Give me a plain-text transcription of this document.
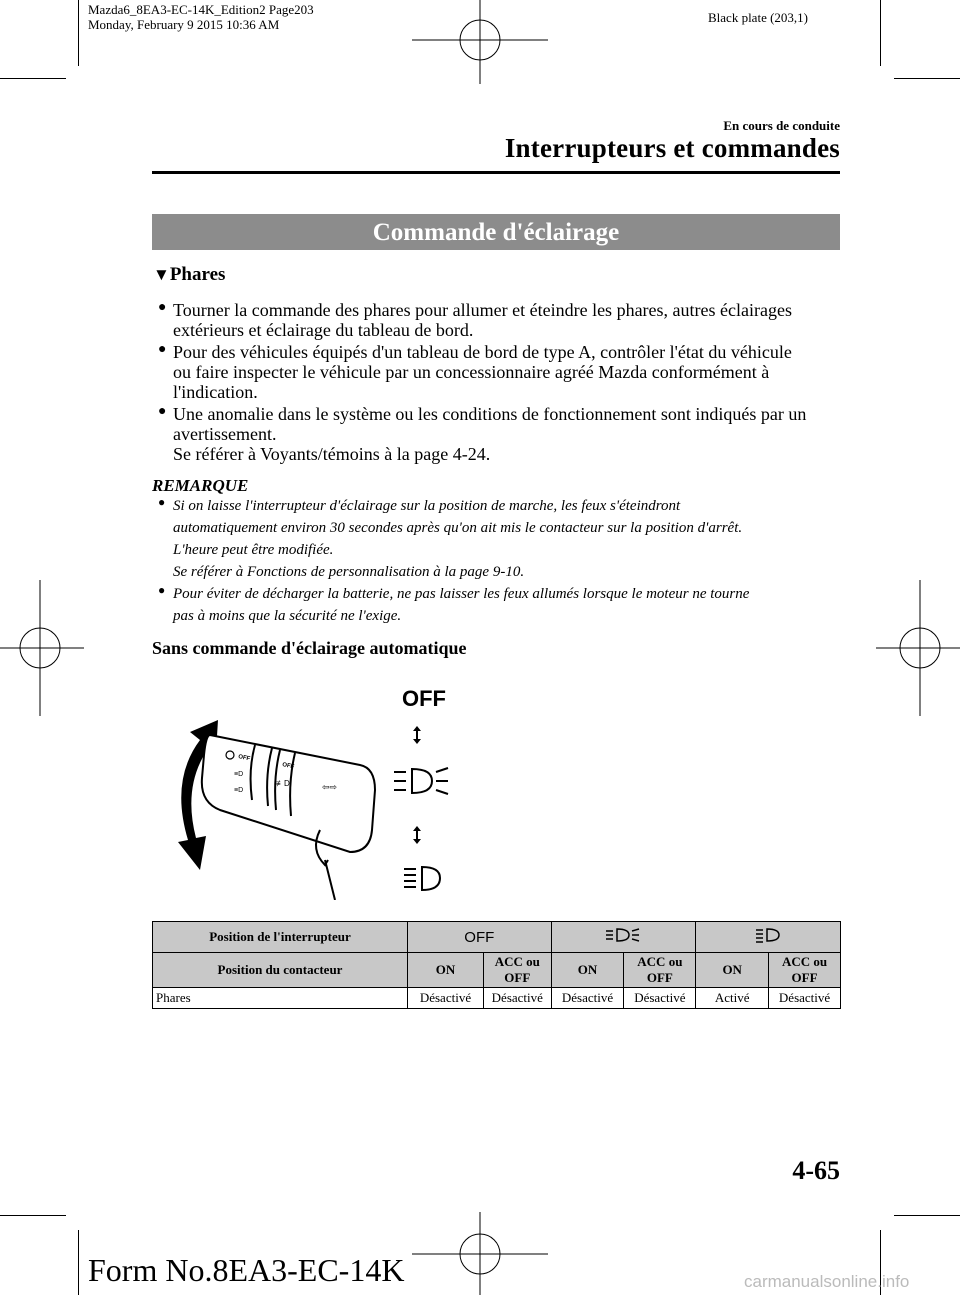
Mazda6_8EA3-EC-14K_Edition2 Page203
Monday, February 9 2015 10:36 AM	Black plate (203,1)
En cours de conduite
Interrupteurs et commandes
Commande d'éclairage
▼Phares
● Tourner la commande des phares pour allumer et éteindre les phares, autres éclairages
extérieurs et éclairage du tableau de bord.
● Pour des véhicules équipés d'un tableau de bord de type A, contrôler l'état du véhicule
ou faire inspecter le véhicule par un concessionnaire agréé Mazda conformément à
l'indication.
● Une anomalie dans le système ou les conditions de fonctionnement sont indiqués par un
avertissement.
Se référer à Voyants/témoins à la page 4-24.
REMARQUE
● Si on laisse l'interrupteur d'éclairage sur la position de marche, les feux s'éteindront
automatiquement environ 30 secondes après qu'on ait mis le contacteur sur la position d'arrêt.
L'heure peut être modifiée.
Se référer à Fonctions de personnalisation à la page 9-10.
● Pour éviter de décharger la batterie, ne pas laisser les feux allumés lorsque le moteur ne tourne
pas à moins que la sécurité ne l'exige.
Sans commande d'éclairage automatique
OFF
≡D
≡D
OFF
≢D	⇦⇨
OFF
Position de l'interrupteur	OFF		
Position du contacteur	ON	ACC ou OFF	ON	ACC ou OFF	ON	ACC ou OFF
Phares	Désactivé	Désactivé	Désactivé	Désactivé	Activé	Désactivé
4-65
Form No.8EA3-EC-14K	carmanualsonline.info
